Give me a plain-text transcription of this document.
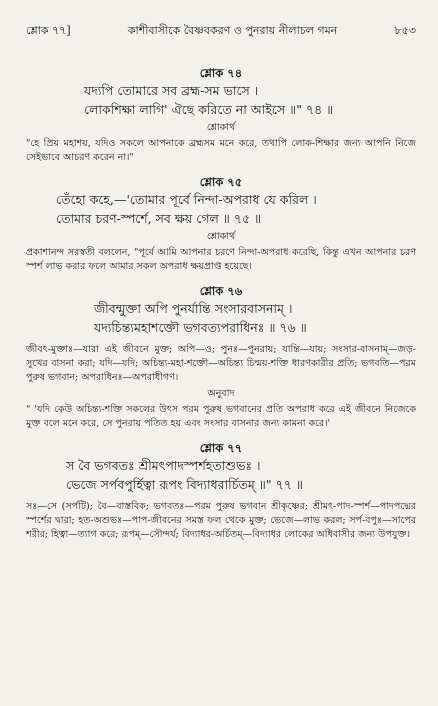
শ্লোক ৭৭]	কাশীবাসীকে বৈষ্ণবকরণ ও পুনরায় নীলাচল গমন	৮৫৩

শ্লোক ৭৪

যদ্যপি তোমারে সব ব্রহ্ম-সম ভাসে ।

লোকশিক্ষা লাগি' ঐছে করিতে না আইসে ॥" ৭৪ ॥

শ্লোকার্থ

"হে প্রিয় মহাশয়, যদিও সকলে আপনাকে ব্রহ্মসম মনে করে, তথাপি লোক-শিক্ষার জন্য আপনি নিজে সেইভাবে আচরণ করেন না।"

শ্লোক ৭৫

তেঁহো কহে,—'তোমার পূর্বে নিন্দা-অপরাধ যে করিল ।

তোমার চরণ-স্পর্শে, সব ক্ষয় গেল ॥ ৭৫ ॥

শ্লোকার্থ

প্রকাশানন্দ সরস্বতী বললেন, "পূর্বে আমি আপনার চরণে নিন্দা-অপরাধ করেছি, কিন্তু এখন আপনার চরণ স্পর্শ লাভ করার ফলে আমার সকল অপরাধ ক্ষয়প্রাপ্ত হয়েছে।

শ্লোক ৭৬

জীবন্মুক্তা অপি পুনর্যান্তি সংসারবাসনাম্ ।

যদ্যচিন্ত্যমহাশক্তৌ ভগবত্যপরাধিনঃ ॥ ৭৬ ॥

জীবৎ-মুক্তাঃ—যারা এই জীবনে মুক্ত; অপি—ও; পুনঃ—পুনরায়; যান্তি—যায়; সংসার-বাসনাম্—জড়-সুখের বাসনা করা; যদি—যদি; অচিন্ত্য-মহা-শক্তৌ—অচিন্ত্য চিন্ময়-শক্তি ধারণকারীর প্রতি; ভগবতি—পরম পুরুষ ভগবান; অপরাধিনঃ—অপরাধীগণ।

অনুবাদ

" 'যদি কেউ অচিন্ত্য-শক্তি সকলের উৎস পরম পুরুষ ভগবানের প্রতি অপরাধ করে এই জীবনে নিজেকে মুক্ত বলে মনে করে, সে পুনরায় পতিত হয় এবং সংসার বাসনার জন্য কামনা করে।'

শ্লোক ৭৭

স বৈ ভগবতঃ শ্রীমৎপাদস্পর্শহতাশুভঃ ।

ভেজে সর্পবপুর্হিত্বা রূপং বিদ্যাধরার্চিতম্ ॥" ৭৭ ॥

সঃ—সে (সর্পটি); বৈ—বাস্তবিক; ভগবতঃ—পরম পুরুষ ভগবান শ্রীকৃষ্ণের; শ্রীমৎ-পাদ-স্পর্শ—পাদপদ্মের স্পর্শের দ্বারা; হত-অশুভঃ—পাপ-জীবনের সমস্ত ফল থেকে মুক্ত; ভেজে—লাভ করল; সর্প-বপুঃ—সাপের শরীর; হিত্বা—ত্যাগ করে; রূপম্—সৌন্দর্য; বিদ্যাধর-অর্চিতম্—বিদ্যাধর লোকের অধিবাসীর জন্য উপযুক্ত।
